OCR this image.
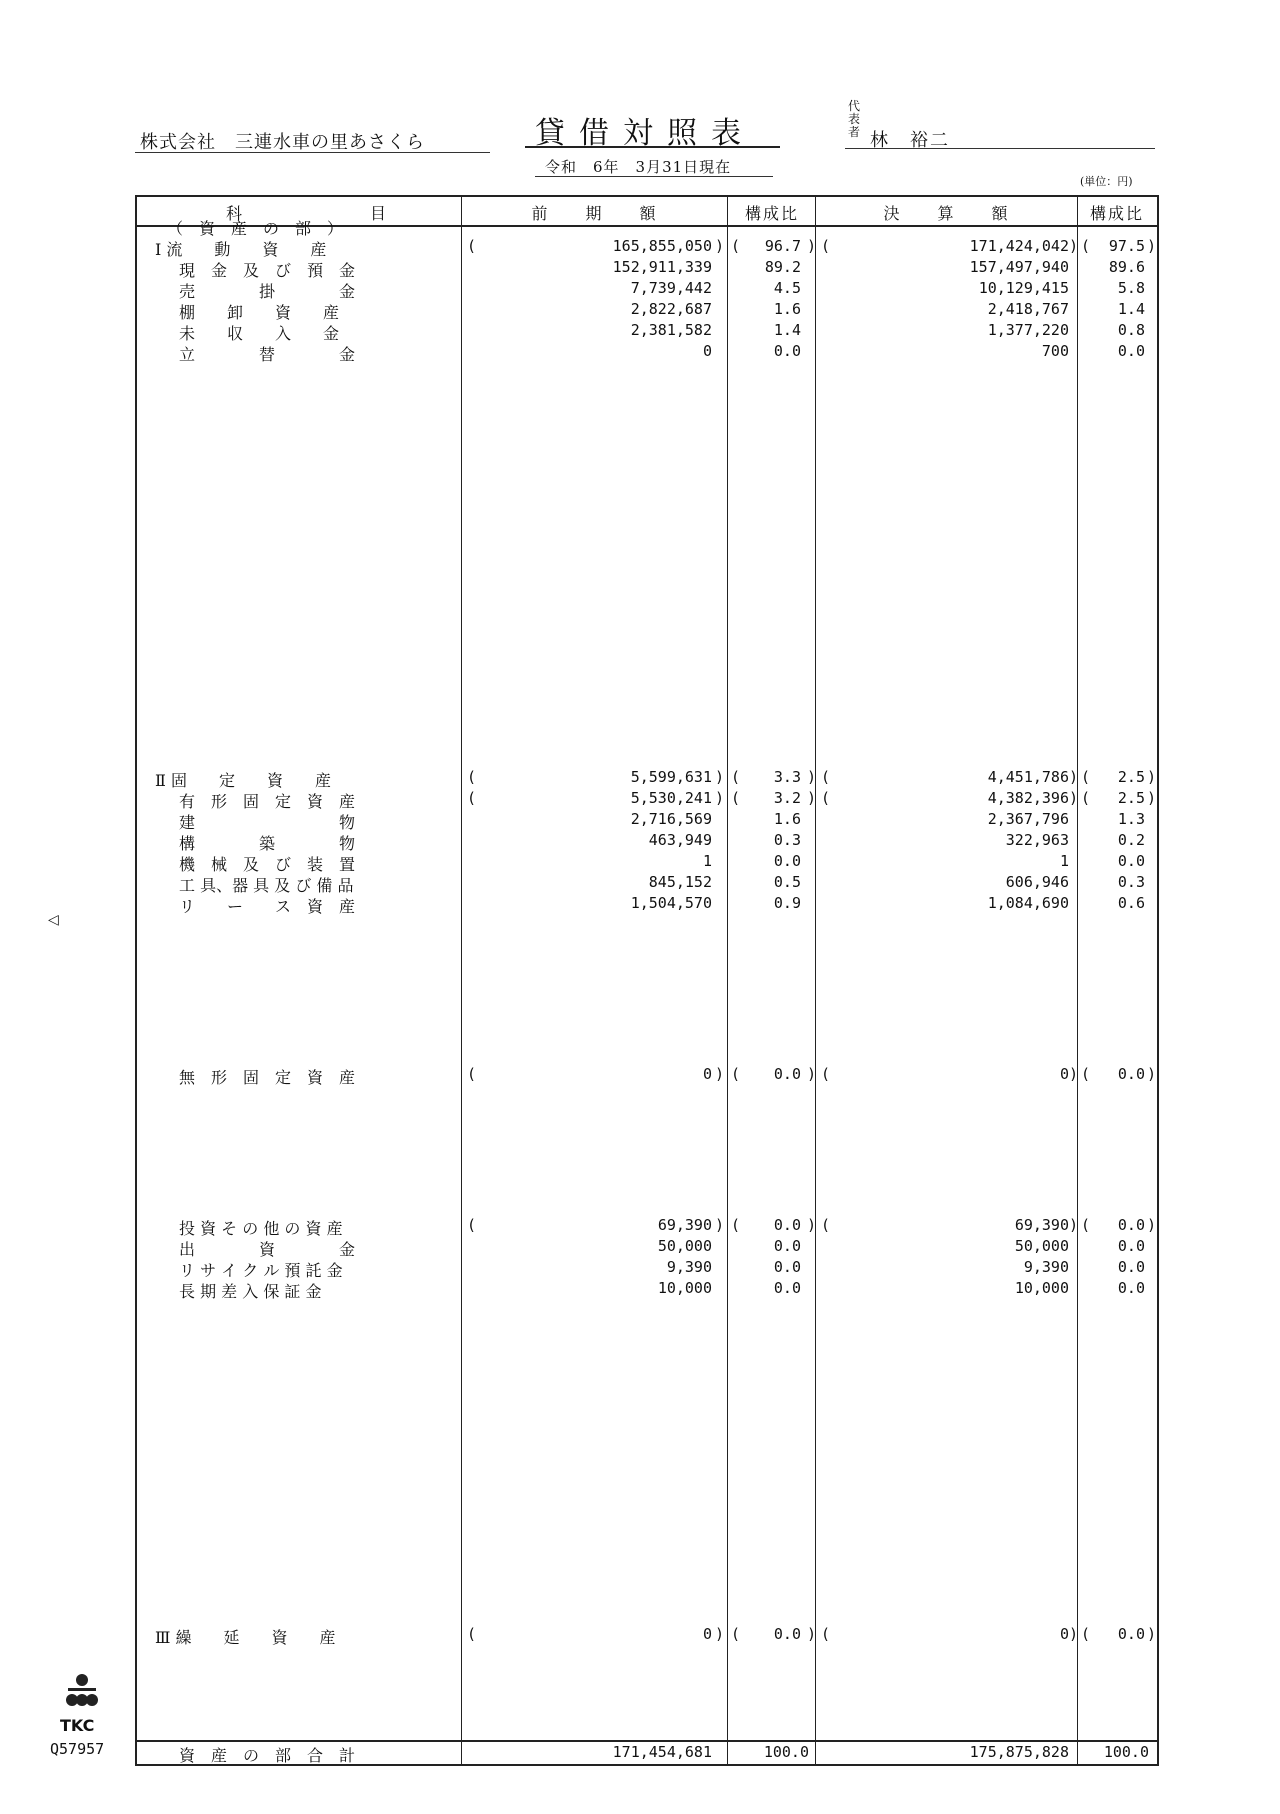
株式会社　三連水車の里あさくら	貸借対照表
令和　6年　3月31日現在
代表者 林　裕二
(単位：円)
科　　　　　　　目	前　　期　　額	構成比	決　　算　　額	構成比
（　資　産　の　部　）
Ⅰ 流　　動　　資　　産	165,855,050	96.7	171,424,042	97.5
(	) (	) (	) (	)
現　金　及　び　預　金	152,911,339	89.2	157,497,940	89.6
売　　　　掛　　　　金	7,739,442	4.5	10,129,415	5.8
棚　　卸　　資　　産	2,822,687	1.6	2,418,767	1.4
未　　収　　入　　金	2,381,582	1.4	1,377,220	0.8
立　　　　替　　　　金	0	0.0	700	0.0
Ⅱ 固　　定　　資　　産	5,599,631	3.3	4,451,786	2.5
(	) (	) (	) (	)
有　形　固　定　資　産	5,530,241	3.2	4,382,396	2.5
(	) (	) (	) (	)
建　　　　　　　　　物	2,716,569	1.6	2,367,796	1.3
構　　　　築　　　　物	463,949	0.3	322,963	0.2
機　械　及　び　装　置	1	0.0	1	0.0
工 具、器 具 及 び 備 品	845,152	0.5	606,946	0.3
リ　　ー　　ス　資　産	1,504,570	0.9	1,084,690	0.6
無　形　固　定　資　産	0	0.0	0	0.0
(	) (	) (	) (	)
投 資 そ の 他 の 資 産	69,390	0.0	69,390	0.0
(	) (	) (	) (	)
出　　　　資　　　　金	50,000	0.0	50,000	0.0
リ サ イ ク ル 預 託 金	9,390	0.0	9,390	0.0
長 期 差 入 保 証 金	10,000	0.0	10,000	0.0
Ⅲ 繰　　延　　資　　産	0	0.0	0	0.0
(	) (	) (	) (	)
資　産　の　部　合　計	171,454,681	100.0	175,875,828	100.0
◁
TKC
Q57957
